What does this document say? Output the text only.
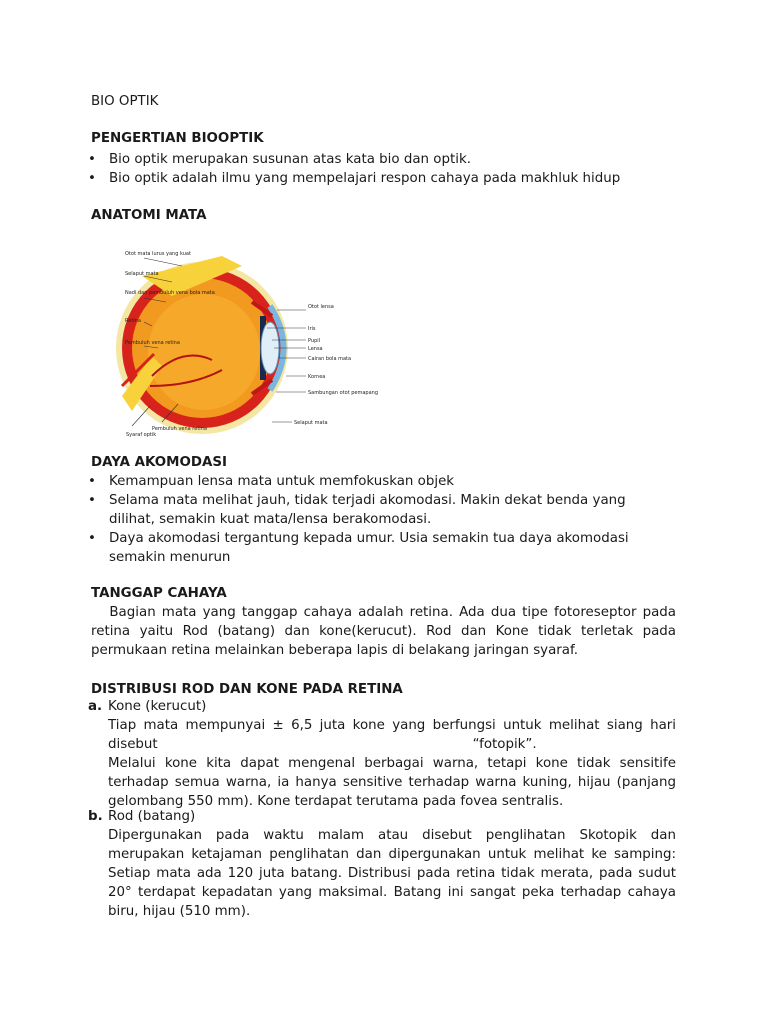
BIO OPTIK
PENGERTIAN BIOOPTIK
• Bio optik merupakan susunan atas kata bio dan optik.
• Bio optik adalah ilmu yang mempelajari respon cahaya pada makhluk hidup
ANATOMI MATA
Otot mata lurus yang kuat
Selaput mata
Nadi dan pembuluh vena bola mata
Retina
Pembuluh vena retina
Syaraf optik
Pembuluh vena retina
Otot lensa
Iris
Pupil
Lensa
Cairan bola mata
Kornea
Sambungan otot pemapang
Selaput mata
DAYA AKOMODASI
• Kemampuan lensa mata untuk memfokuskan objek
• Selama mata melihat jauh, tidak terjadi akomodasi. Makin dekat benda yang
dilihat, semakin kuat mata/lensa berakomodasi.
• Daya akomodasi tergantung kepada umur. Usia semakin tua daya akomodasi
semakin menurun
TANGGAP CAHAYA
Bagian mata yang tanggap cahaya adalah retina. Ada dua tipe fotoreseptor pada
retina yaitu Rod (batang) dan kone(kerucut). Rod dan Kone tidak terletak pada
permukaan retina melainkan beberapa lapis di belakang jaringan syaraf.
DISTRIBUSI ROD DAN KONE PADA RETINA
a. Kone (kerucut)
Tiap mata mempunyai ± 6,5 juta kone yang berfungsi untuk melihat siang hari
disebut                                                                          “fotopik”.
Melalui kone kita dapat mengenal berbagai warna, tetapi kone tidak sensitife
terhadap semua warna, ia hanya sensitive terhadap warna kuning, hijau (panjang
gelombang 550 mm). Kone terdapat terutama pada fovea sentralis.
b. Rod (batang)
Dipergunakan pada waktu malam atau disebut penglihatan Skotopik dan
merupakan ketajaman penglihatan dan dipergunakan untuk melihat ke samping:
Setiap mata ada 120 juta batang. Distribusi pada retina tidak merata, pada sudut
20° terdapat kepadatan yang maksimal. Batang ini sangat peka terhadap cahaya
biru, hijau (510 mm).
